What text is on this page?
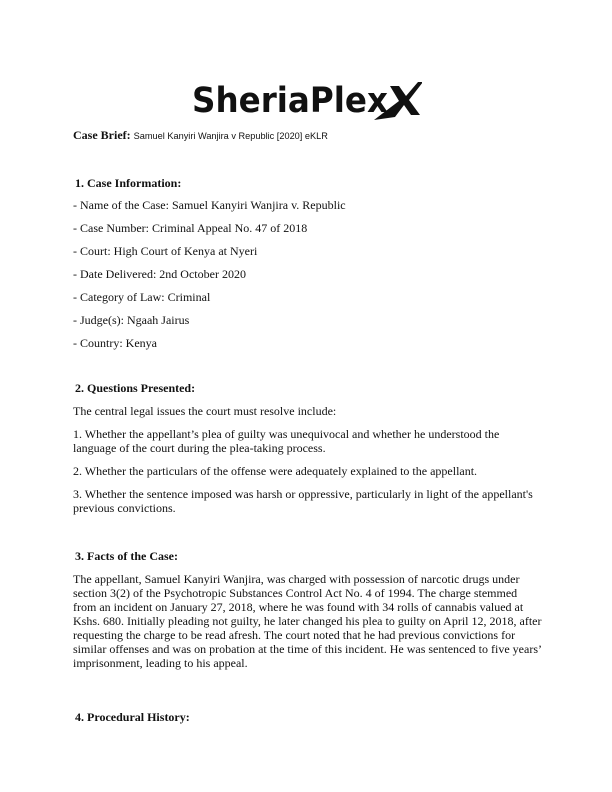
SheriaPlex
Case Brief: Samuel Kanyiri Wanjira v Republic [2020] eKLR
1. Case Information:
- Name of the Case: Samuel Kanyiri Wanjira v. Republic
- Case Number: Criminal Appeal No. 47 of 2018
- Court: High Court of Kenya at Nyeri
- Date Delivered: 2nd October 2020
- Category of Law: Criminal
- Judge(s): Ngaah Jairus
- Country: Kenya
2. Questions Presented:
The central legal issues the court must resolve include:
1. Whether the appellant’s plea of guilty was unequivocal and whether he understood the language of the court during the plea-taking process.
2. Whether the particulars of the offense were adequately explained to the appellant.
3. Whether the sentence imposed was harsh or oppressive, particularly in light of the appellant's previous convictions.
3. Facts of the Case:
The appellant, Samuel Kanyiri Wanjira, was charged with possession of narcotic drugs under section 3(2) of the Psychotropic Substances Control Act No. 4 of 1994. The charge stemmed from an incident on January 27, 2018, where he was found with 34 rolls of cannabis valued at Kshs. 680. Initially pleading not guilty, he later changed his plea to guilty on April 12, 2018, after requesting the charge to be read afresh. The court noted that he had previous convictions for similar offenses and was on probation at the time of this incident. He was sentenced to five years’ imprisonment, leading to his appeal.
4. Procedural History:
